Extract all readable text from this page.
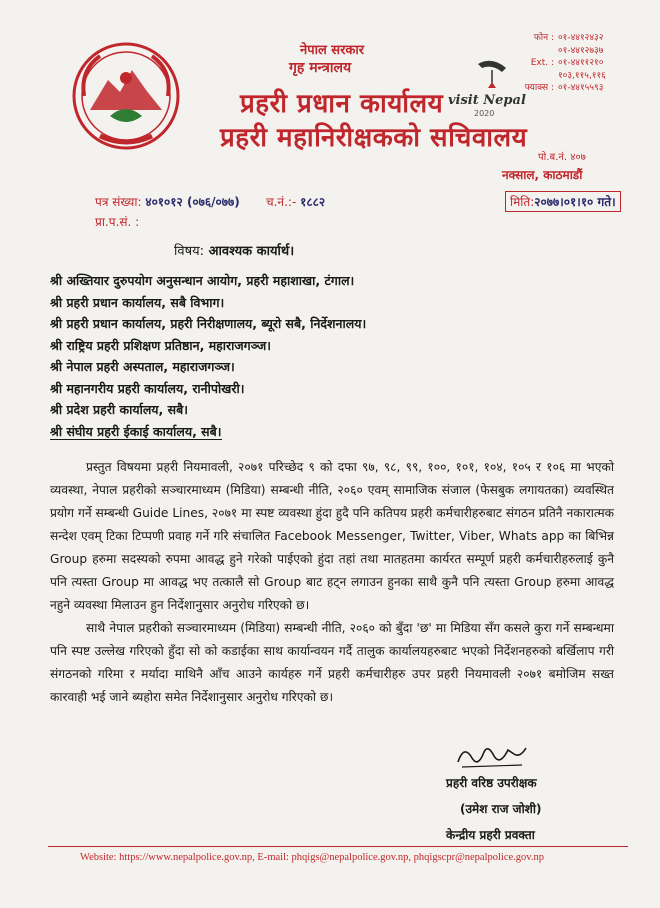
नेपाल सरकार
गृह मन्त्रालय
प्रहरी प्रधान कार्यालय
प्रहरी महानिरीक्षकको सचिवालय
visit Nepal
2020
फोन : ०१-४४१२४३२
०१-४४१२७३७
Ext. : ०१-४४११२१०
१०३,११५,११६
फ्याक्स : ०१-४४१५५९३
पो.ब.नं. ४०७
नक्साल, काठमाडौं
पत्र संख्या: ४०१०१२ (०७६/०७७) च.नं.:- १८८२	मिति:२०७७।०१।१० गते।
प्रा.प.सं. :
विषय: आवश्यक कार्यार्थ।
श्री अख्तियार दुरुपयोग अनुसन्धान आयोग, प्रहरी महाशाखा, टंगाल।
श्री प्रहरी प्रधान कार्यालय, सबै विभाग।
श्री प्रहरी प्रधान कार्यालय, प्रहरी निरीक्षणालय, ब्यूरो सबै, निर्देशनालय।
श्री राष्ट्रिय प्रहरी प्रशिक्षण प्रतिष्ठान, महाराजगञ्ज।
श्री नेपाल प्रहरी अस्पताल, महाराजगञ्ज।
श्री महानगरीय प्रहरी कार्यालय, रानीपोखरी।
श्री प्रदेश प्रहरी कार्यालय, सबै।
श्री संघीय प्रहरी ईकाई कार्यालय, सबै।

प्रस्तुत विषयमा प्रहरी नियमावली, २०७१ परिच्छेद ९ को दफा ९७, ९८, ९९, १००, १०१, १०४, १०५ र १०६ मा भएको व्यवस्था, नेपाल प्रहरीको सञ्चारमाध्यम (मिडिया) सम्बन्धी नीति, २०६० एवम् सामाजिक संजाल (फेसबुक लगायतका) व्यवस्थित प्रयोग गर्ने सम्बन्धी Guide Lines, २०७१ मा स्पष्ट व्यवस्था हुंदा हुदै पनि कतिपय प्रहरी कर्मचारीहरुबाट संगठन प्रतिनै नकारात्मक सन्देश एवम् टिका टिप्पणी प्रवाह गर्ने गरि संचालित Facebook Messenger, Twitter, Viber, Whats app का बिभिन्न Group हरुमा सदस्यको रुपमा आवद्ध हुने गरेको पाईएको हुंदा तहां तथा मातहतमा कार्यरत सम्पूर्ण प्रहरी कर्मचारीहरुलाई कुनै पनि त्यस्ता Group मा आवद्ध भए तत्कालै सो Group बाट हट्न लगाउन हुनका साथै कुनै पनि त्यस्ता Group हरुमा आवद्ध नहुने व्यवस्था मिलाउन हुन निर्देशानुसार अनुरोध गरिएको छ।

साथै नेपाल प्रहरीको सञ्चारमाध्यम (मिडिया) सम्बन्धी नीति, २०६० को बुँदा 'छ' मा मिडिया सँग कसले कुरा गर्ने सम्बन्धमा पनि स्पष्ट उल्लेख गरिएको हुँदा सो को कडाईका साथ कार्यान्वयन गर्दै तालुक कार्यालयहरुबाट भएको निर्देशनहरुको बर्खिलाप गरी संगठनको गरिमा र मर्यादा माथिनै आँच आउने कार्यहरु गर्ने प्रहरी कर्मचारीहरु उपर प्रहरी नियमावली २०७१ बमोजिम सख्त कारवाही भई जाने ब्यहोरा समेत निर्देशानुसार अनुरोध गरिएको छ।

प्रहरी वरिष्ठ उपरीक्षक
(उमेश राज जोशी)
केन्द्रीय प्रहरी प्रवक्ता
Website: https://www.nepalpolice.gov.np, E-mail: phqigs@nepalpolice.gov.np, phqigscpr@nepalpolice.gov.np
